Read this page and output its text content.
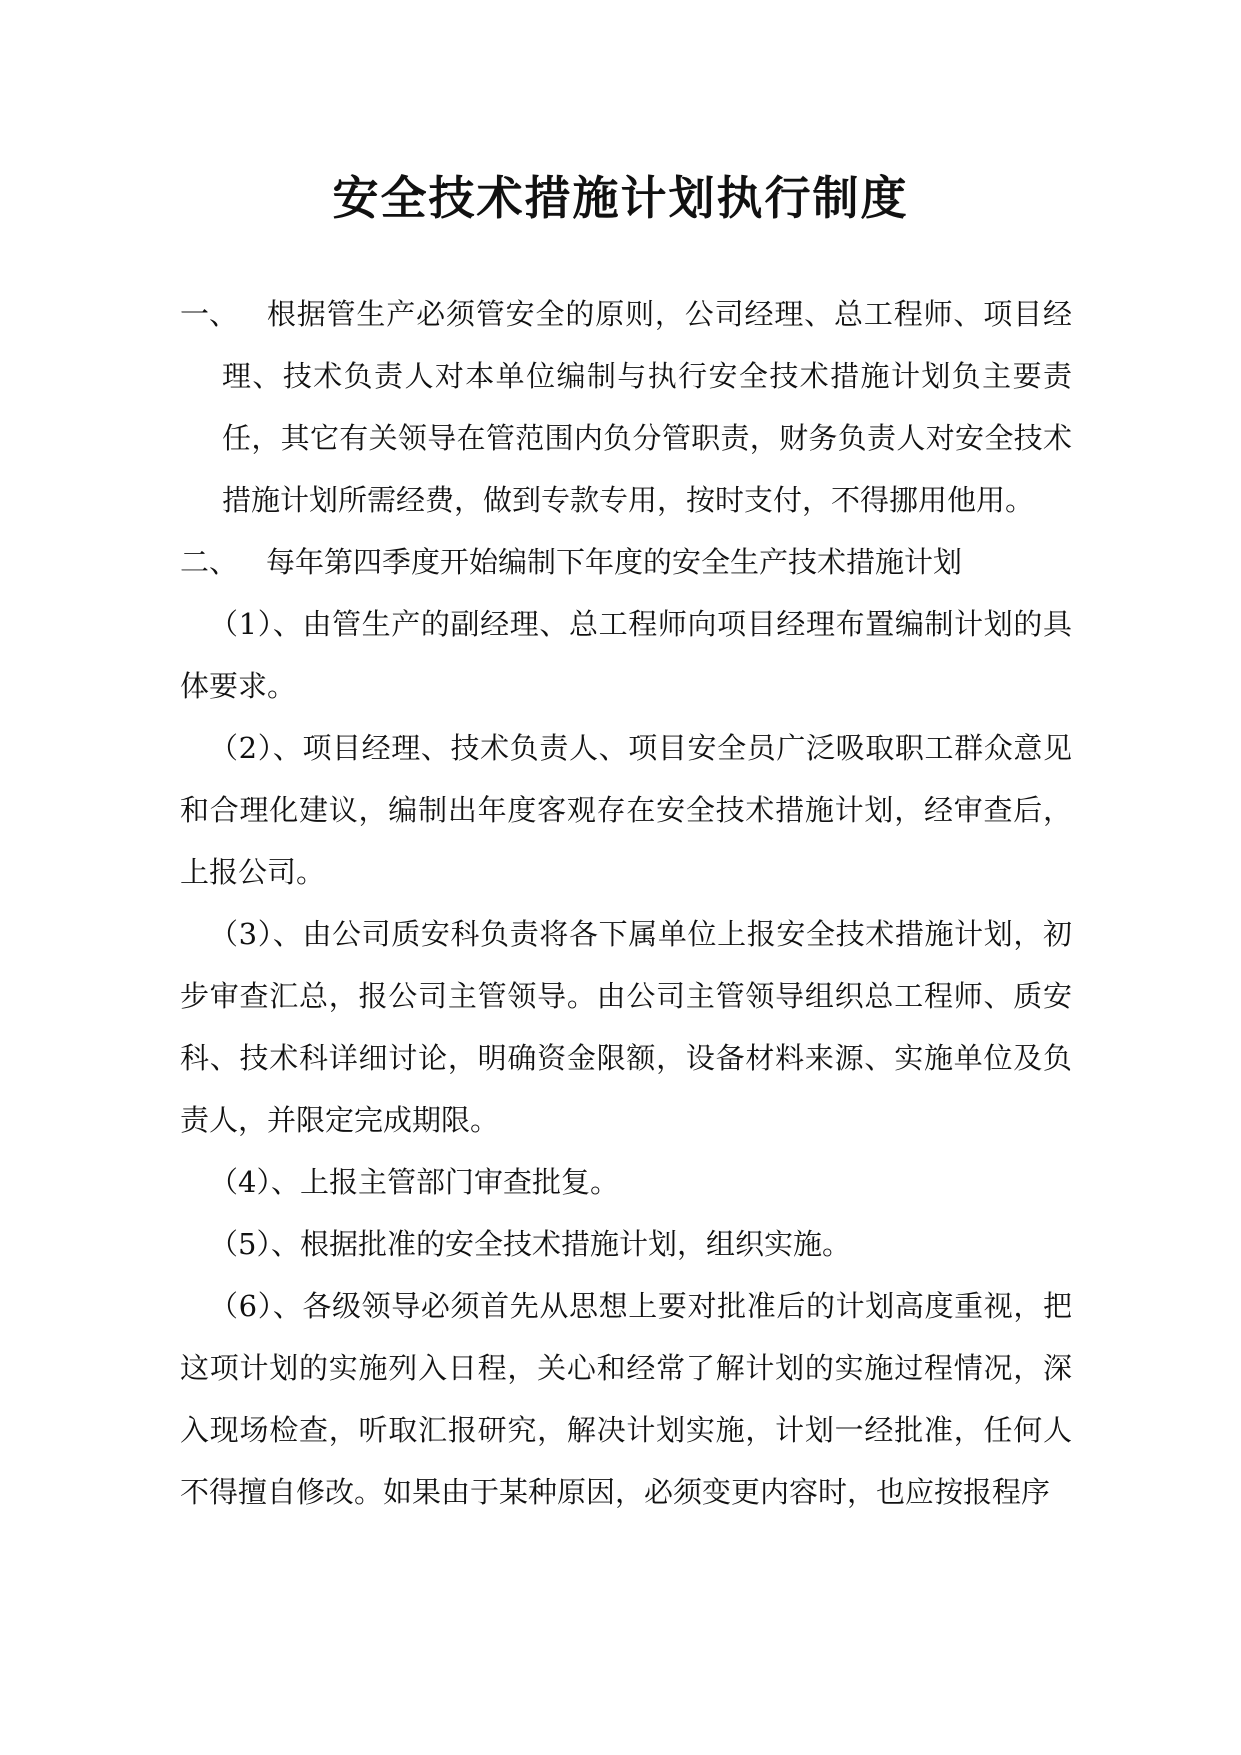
安全技术措施计划执行制度

一、 根据管生产必须管安全的原则，公司经理、总工程师、项目经理、技术负责人对本单位编制与执行安全技术措施计划负主要责任，其它有关领导在管范围内负分管职责，财务负责人对安全技术措施计划所需经费，做到专款专用，按时支付，不得挪用他用。

二、 每年第四季度开始编制下年度的安全生产技术措施计划

（1）、由管生产的副经理、总工程师向项目经理布置编制计划的具体要求。

（2）、项目经理、技术负责人、项目安全员广泛吸取职工群众意见和合理化建议，编制出年度客观存在安全技术措施计划，经审查后，上报公司。

（3）、由公司质安科负责将各下属单位上报安全技术措施计划，初步审查汇总，报公司主管领导。由公司主管领导组织总工程师、质安科、技术科详细讨论，明确资金限额，设备材料来源、实施单位及负责人，并限定完成期限。

（4）、上报主管部门审查批复。

（5）、根据批准的安全技术措施计划，组织实施。

（6）、各级领导必须首先从思想上要对批准后的计划高度重视，把这项计划的实施列入日程，关心和经常了解计划的实施过程情况，深入现场检查，听取汇报研究，解决计划实施，计划一经批准，任何人不得擅自修改。如果由于某种原因，必须变更内容时，也应按报程序
